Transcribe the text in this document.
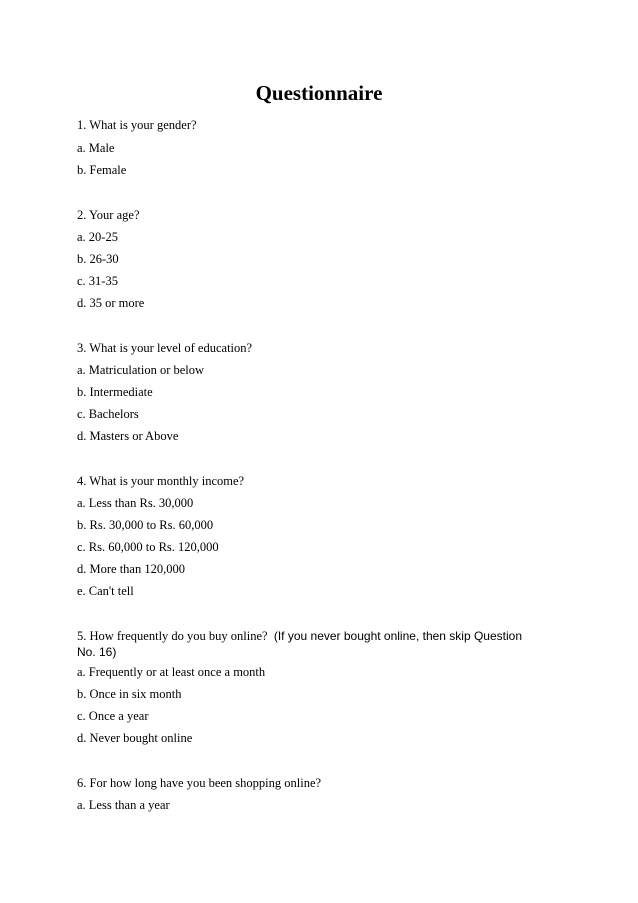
Questionnaire
1. What is your gender?
a. Male
b. Female
2. Your age?
a. 20-25
b. 26-30
c. 31-35
d. 35 or more
3. What is your level of education?
a. Matriculation or below
b. Intermediate
c. Bachelors
d. Masters or Above
4. What is your monthly income?
a. Less than Rs. 30,000
b. Rs. 30,000 to Rs. 60,000
c. Rs. 60,000 to Rs. 120,000
d. More than 120,000
e. Can't tell
5. How frequently do you buy online? (If you never bought online, then skip Question
No. 16)
a. Frequently or at least once a month
b. Once in six month
c. Once a year
d. Never bought online
6. For how long have you been shopping online?
a. Less than a year
